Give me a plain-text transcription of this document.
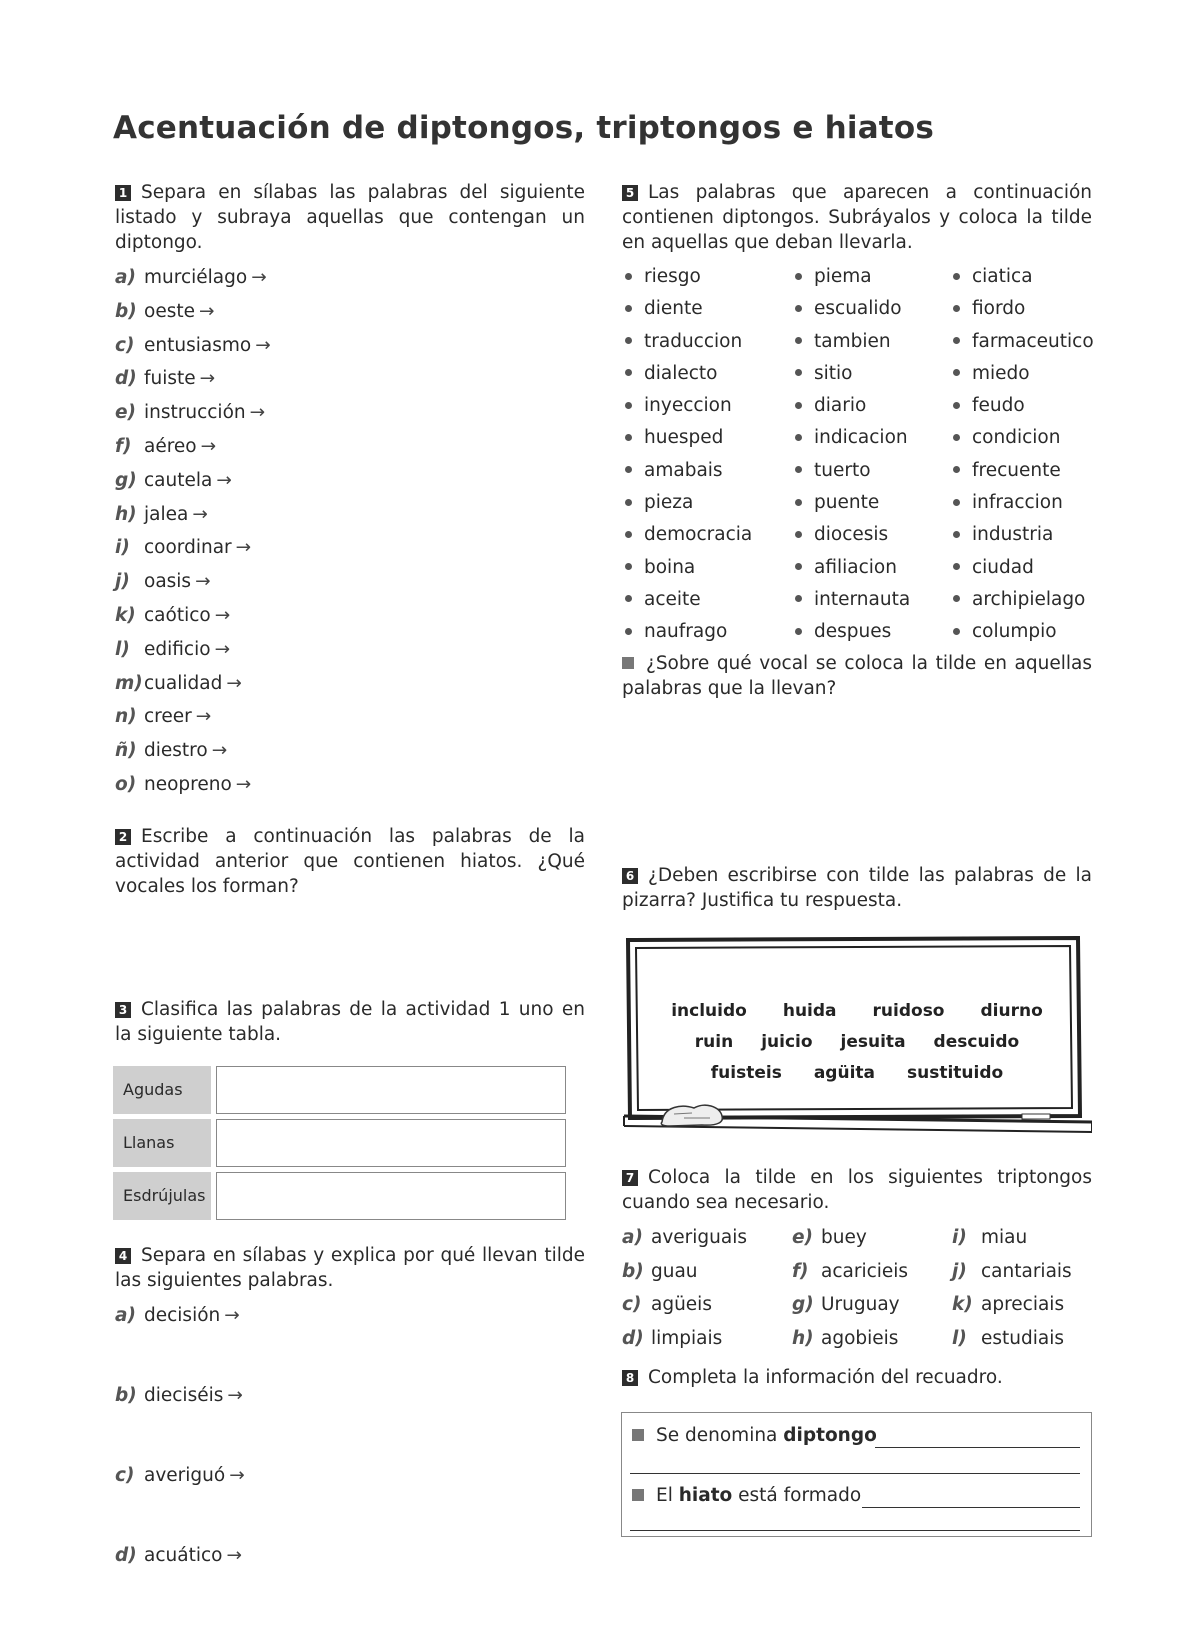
Acentuación de diptongos, triptongos e hiatos

1 Separa en sílabas las palabras del siguiente listado y subraya aquellas que contengan un diptongo.

a) murciélago →
b) oeste →
c) entusiasmo →
d) fuiste →
e) instrucción →
f) aéreo →
g) cautela →
h) jalea →
i) coordinar →
j) oasis →
k) caótico →
l) edificio →
m)cualidad →
n) creer →
ñ) diestro →
o) neopreno →

2 Escribe a continuación las palabras de la actividad anterior que contienen hiatos. ¿Qué vocales los forman?

3 Clasifica las palabras de la actividad 1 uno en la siguiente tabla.

Agudas	

Llanas	

Esdrújulas	

4 Separa en sílabas y explica por qué llevan tilde las siguientes palabras.

a) decisión →
b) dieciséis →
c) averiguó →
d) acuático →

5 Las palabras que aparecen a continuación contienen diptongos. Subráyalos y coloca la tilde en aquellas que deban llevarla.

riesgo	piema	ciatica
diente	escualido	fiordo
traduccion	tambien	farmaceutico
dialecto	sitio	miedo
inyeccion	diario	feudo
huesped	indicacion	condicion
amabais	tuerto	frecuente
pieza	puente	infraccion
democracia	diocesis	industria
boina	afiliacion	ciudad
aceite	internauta	archipielago
naufrago	despues	columpio

¿Sobre qué vocal se coloca la tilde en aquellas palabras que la llevan?

6 ¿Deben escribirse con tilde las palabras de la pizarra? Justifica tu respuesta.

incluido huida ruidoso diurno
ruin juicio jesuita descuido
fuisteis agüita sustituido

7 Coloca la tilde en los siguientes triptongos cuando sea necesario.

a) averiguais	e) buey	i) miau
b) guau	f) acaricieis	j) cantariais
c) agüeis	g) Uruguay	k) apreciais
d) limpiais	h) agobieis	l) estudiais

8 Completa la información del recuadro.

Se denomina diptongo
El hiato está formado
